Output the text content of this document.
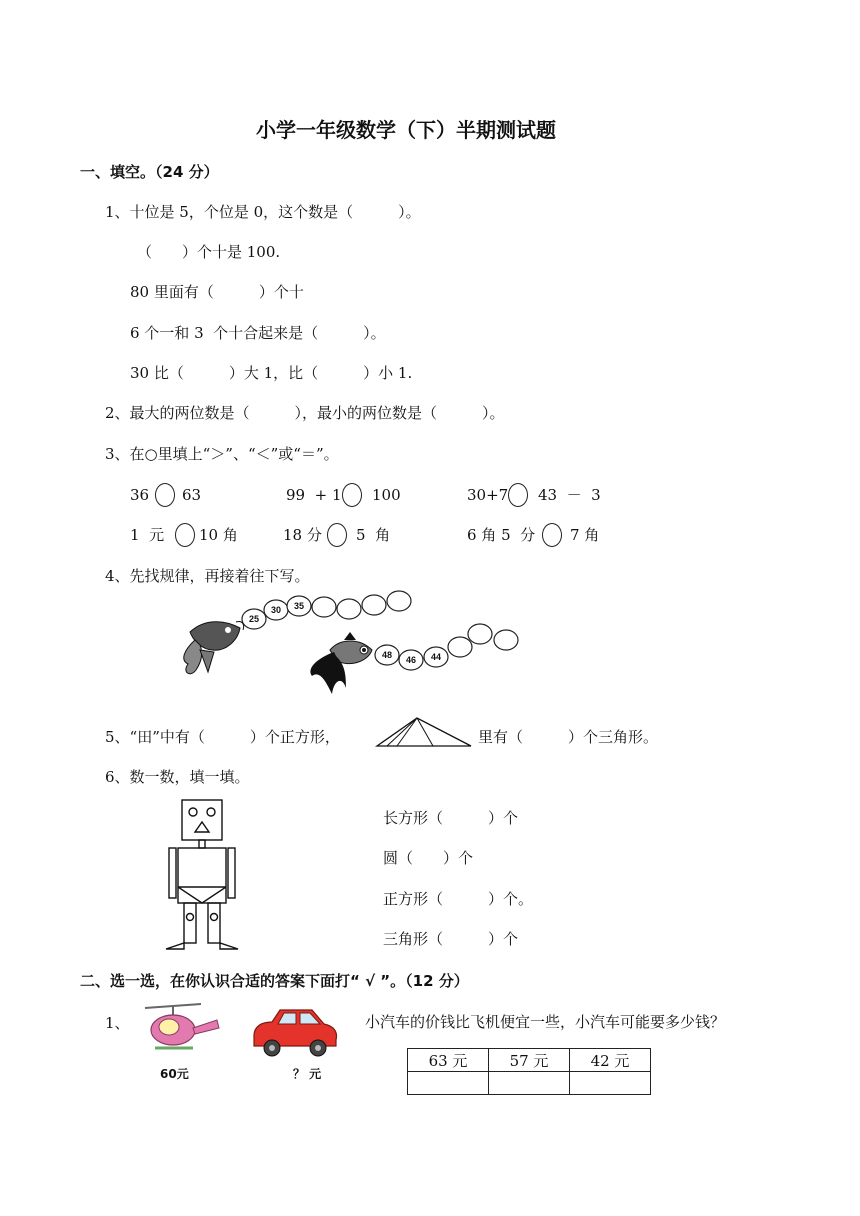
小学一年级数学（下）半期测试题
一、填空。（24 分）
1、十位是 5，个位是 0，这个数是（　　　）。
（　　）个十是 100.
80 里面有（　　　）个十
6 个一和 3  个十合起来是（　　　）。
30 比（　　　）大 1，比（　　　）小 1.
2、最大的两位数是（　　　），最小的两位数是（　　　）。
3、在○里填上“＞”、“＜”或“＝”。
36 63	99  + 1 100	30+7 43  －  3
1  元 10 角	18 分 5  角	6 角 5  分 7 角
4、先找规律，再接着往下写。
25
30 35
48 46 44
5、“田”中有（　　　）个正方形，	里有（　　　）个三角形。
6、数一数，填一填。
长方形（　　　）个
圆（　　）个
正方形（　　　）个。
三角形（　　　）个
二、选一选，在你认识合适的答案下面打“ √ ”。（12 分）
1、
60元	？ 元
小汽车的价钱比飞机便宜一些，小汽车可能要多少钱？
63 元	57 元	42 元
